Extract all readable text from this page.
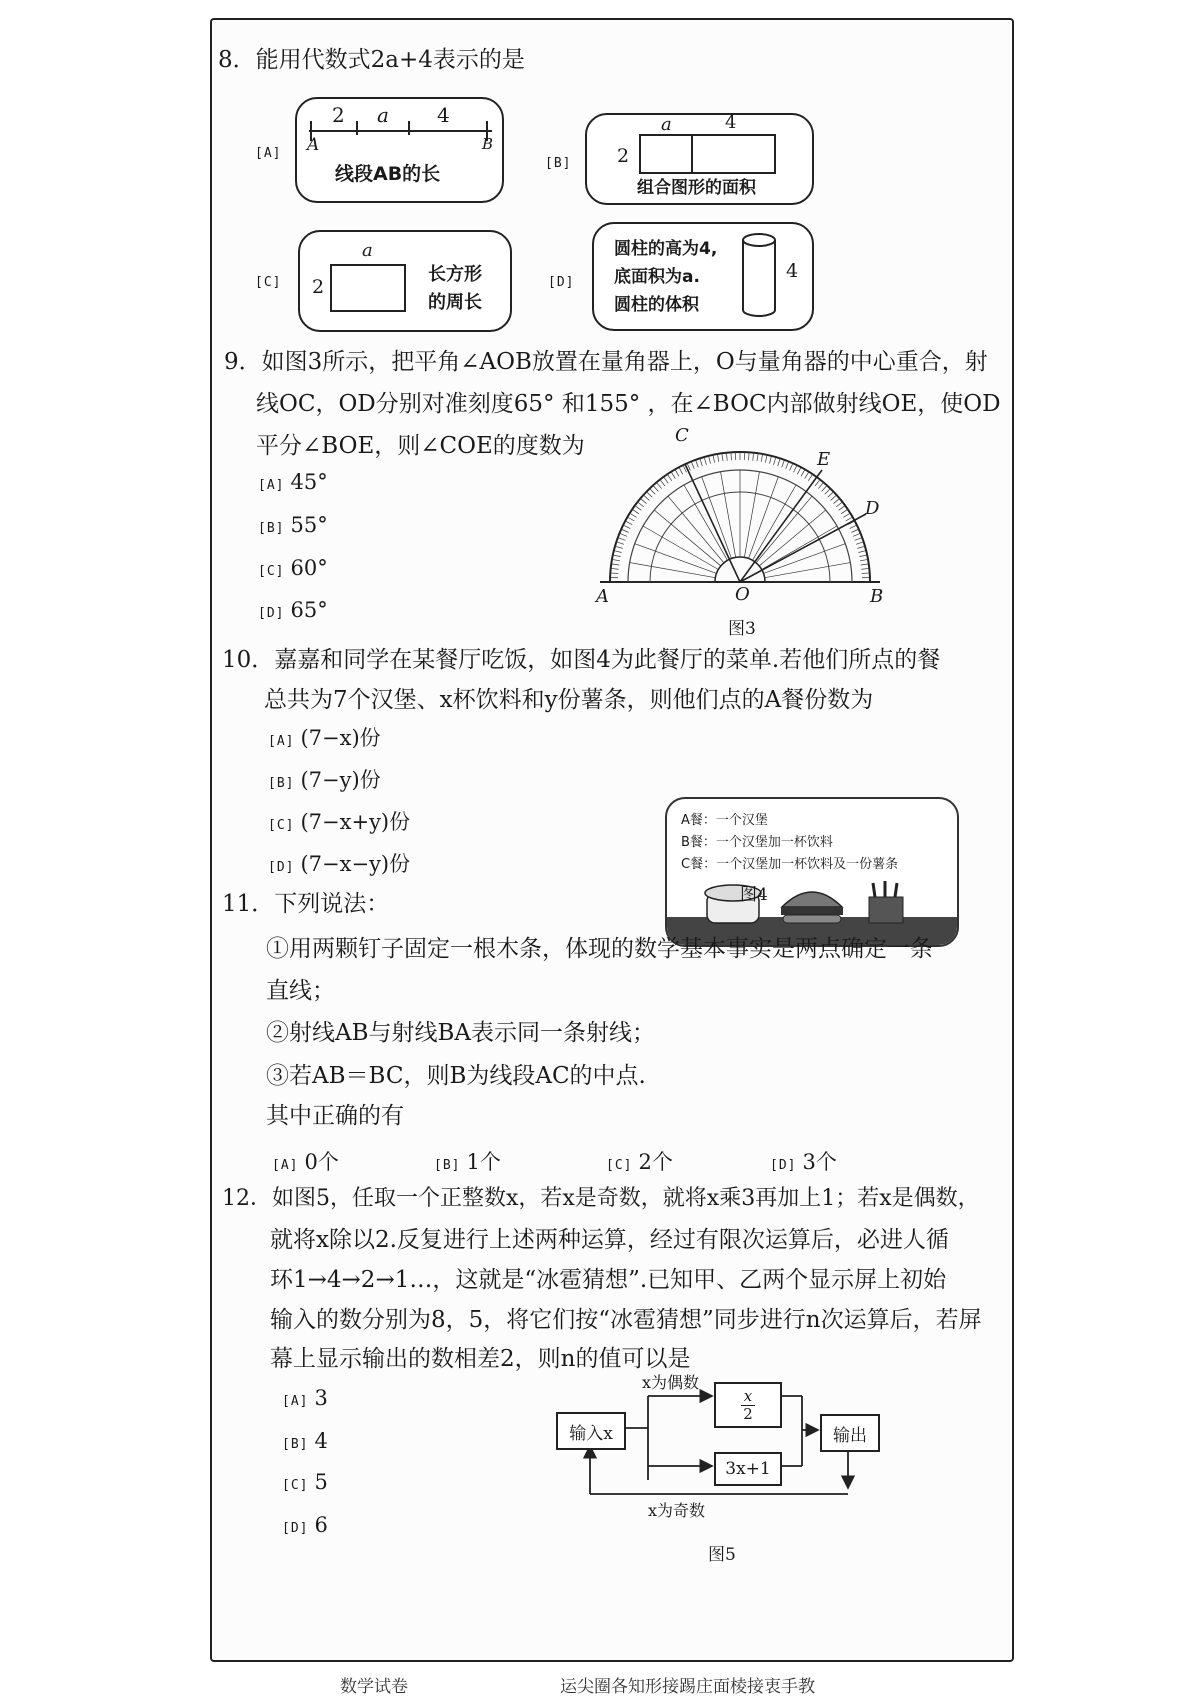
8．能用代数式2a+4表示的是
[A]
2 a 4
A	B
线段AB的长	[B]
a	4
2
组合图形的面积
[C]
a
2
长方形
的周长
[D]
圆柱的高为4,
底面积为a.
圆柱的体积
4
9．如图3所示，把平角∠AOB放置在量角器上，O与量角器的中心重合，射
线OC，OD分别对准刻度65° 和155° ，在∠BOC内部做射线OE，使OD
平分∠BOE，则∠COE的度数为
[A] 45°
[B] 55°
[C] 60°
[D] 65°
C
E
D
A	O	B
图3
10．嘉嘉和同学在某餐厅吃饭，如图4为此餐厅的菜单.若他们所点的餐
总共为7个汉堡、x杯饮料和y份薯条，则他们点的A餐份数为
[A] (7−x)份
[B] (7−y)份
[C] (7−x+y)份
[D] (7−x−y)份
A餐：一个汉堡
B餐：一个汉堡加一杯饮料
C餐：一个汉堡加一杯饮料及一份薯条
图4
11．下列说法：
①用两颗钉子固定一根木条，体现的数学基本事实是两点确定一条
直线；
②射线AB与射线BA表示同一条射线；
③若AB＝BC，则B为线段AC的中点.
其中正确的有
[A] 0个	[B] 1个	[C] 2个	[D] 3个
12．如图5，任取一个正整数x，若x是奇数，就将x乘3再加上1；若x是偶数，
就将x除以2.反复进行上述两种运算，经过有限次运算后，必进人循
环1→4→2→1…，这就是“冰雹猜想”.已知甲、乙两个显示屏上初始
输入的数分别为8，5，将它们按“冰雹猜想”同步进行n次运算后，若屏
幕上显示输出的数相差2，则n的值可以是
[A] 3
[B] 4
[C] 5
[D] 6
输入x
x为偶数 $\frac{x}{2}$
3x+1
x为奇数
输出
图5
数学试卷	运尖圈各知形接踢庄面棱接衷手教
